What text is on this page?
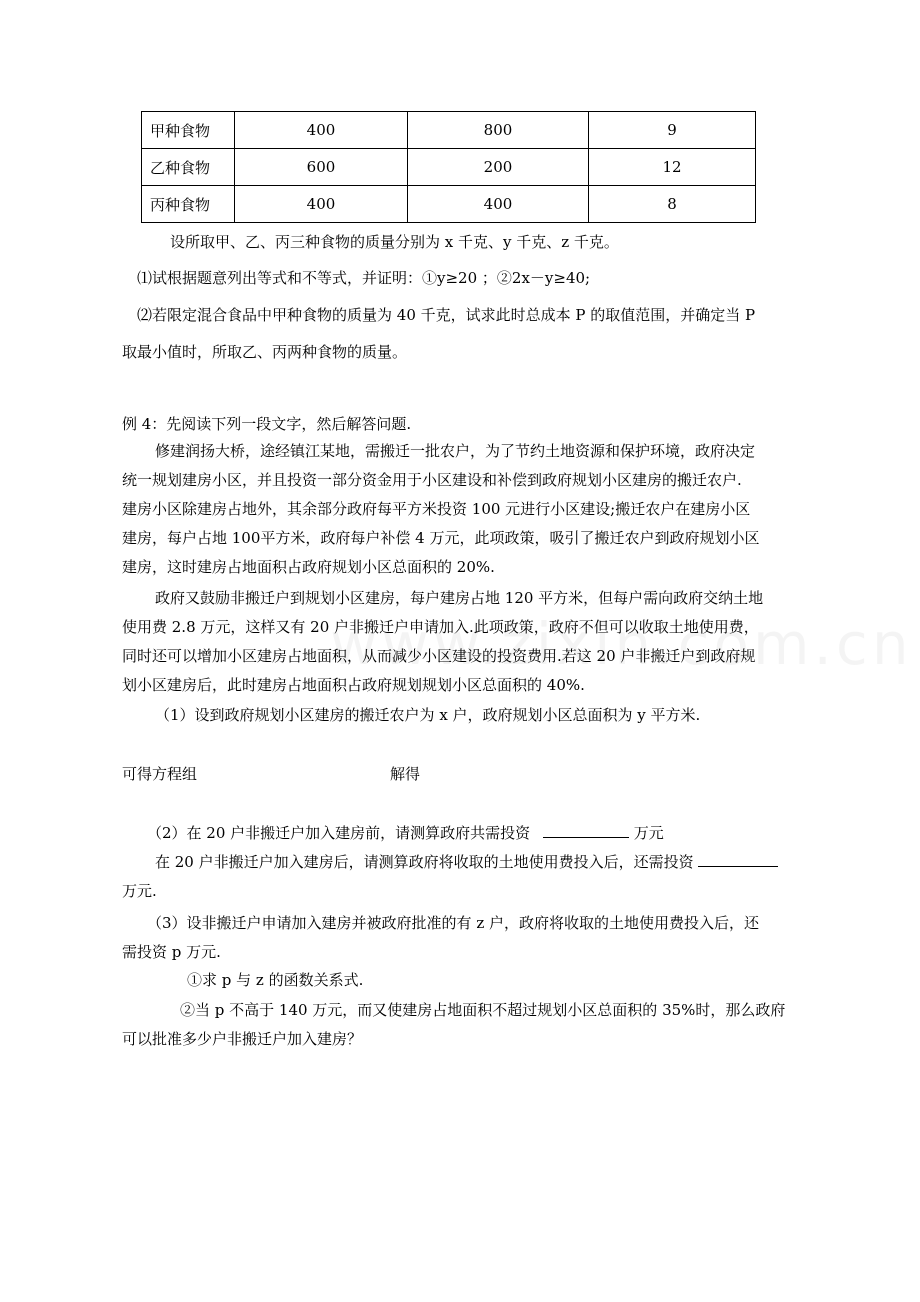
甲种食物	400	800	9
乙种食物	600	200	12
丙种食物	400	400	8
设所取甲、乙、丙三种食物的质量分别为 x 千克、y 千克、z 千克。
⑴试根据题意列出等式和不等式，并证明：①y≥20 ；②2x－y≥40;
⑵若限定混合食品中甲种食物的质量为 40 千克，试求此时总成本 P 的取值范围，并确定当 P
取最小值时，所取乙、丙两种食物的质量。
例 4：先阅读下列一段文字，然后解答问题.
修建润扬大桥，途经镇江某地，需搬迁一批农户，为了节约土地资源和保护环境，政府决定
统一规划建房小区，并且投资一部分资金用于小区建设和补偿到政府规划小区建房的搬迁农户.
建房小区除建房占地外，其余部分政府每平方米投资 100 元进行小区建设;搬迁农户在建房小区
建房，每户占地 100平方米，政府每户补偿 4 万元，此项政策，吸引了搬迁农户到政府规划小区
建房，这时建房占地面积占政府规划小区总面积的 20%.
政府又鼓励非搬迁户到规划小区建房，每户建房占地 120 平方米，但每户需向政府交纳土地
使用费 2.8 万元，这样又有 20 户非搬迁户申请加入.此项政策，政府不但可以收取土地使用费，
同时还可以增加小区建房占地面积，从而减少小区建设的投资费用.若这 20 户非搬迁户到政府规
划小区建房后，此时建房占地面积占政府规划规划小区总面积的 40%.
（1）设到政府规划小区建房的搬迁农户为 x 户，政府规划小区总面积为 y 平方米.
可得方程组	解得
（2）在 20 户非搬迁户加入建房前，请测算政府共需投资	万元
在 20 户非搬迁户加入建房后，请测算政府将收取的土地使用费投入后，还需投资
万元.
（3）设非搬迁户申请加入建房并被政府批准的有 z 户，政府将收取的土地使用费投入后，还
需投资 p 万元.
①求 p 与 z 的函数关系式.
②当 p 不高于 140 万元，而又使建房占地面积不超过规划小区总面积的 35%时，那么政府
可以批准多少户非搬迁户加入建房？
